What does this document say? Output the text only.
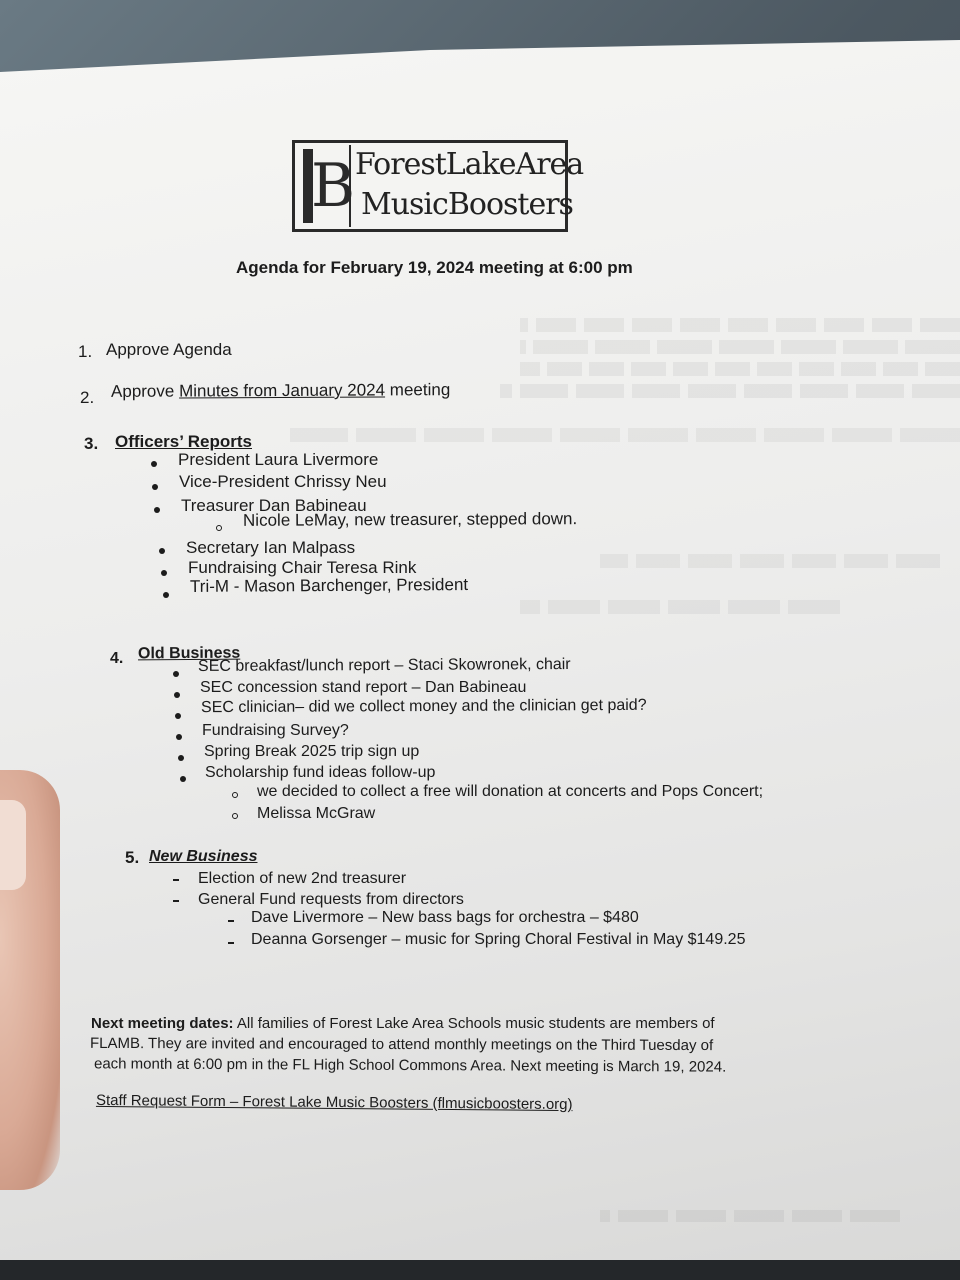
B ForestLakeArea
MusicBoosters
Agenda for February 19, 2024 meeting at 6:00 pm
1. Approve Agenda
2. Approve Minutes from January 2024 meeting
3. Officers’ Reports
President Laura Livermore
Vice-President Chrissy Neu
Treasurer Dan Babineau
Nicole LeMay, new treasurer, stepped down.
Secretary Ian Malpass
Fundraising Chair Teresa Rink
Tri-M - Mason Barchenger, President
4. Old Business
SEC breakfast/lunch report – Staci Skowronek, chair
SEC concession stand report – Dan Babineau
SEC clinician– did we collect money and the clinician get paid?
Fundraising Survey?
Spring Break 2025 trip sign up
Scholarship fund ideas follow-up
we decided to collect a free will donation at concerts and Pops Concert;
Melissa McGraw
5. New Business
Election of new 2nd treasurer
General Fund requests from directors
Dave Livermore – New bass bags for orchestra – $480
Deanna Gorsenger – music for Spring Choral Festival in May $149.25
Next meeting dates: All families of Forest Lake Area Schools music students are members of
FLAMB. They are invited and encouraged to attend monthly meetings on the Third Tuesday of
each month at 6:00 pm in the FL High School Commons Area. Next meeting is March 19, 2024.
Staff Request Form – Forest Lake Music Boosters (flmusicboosters.org)
